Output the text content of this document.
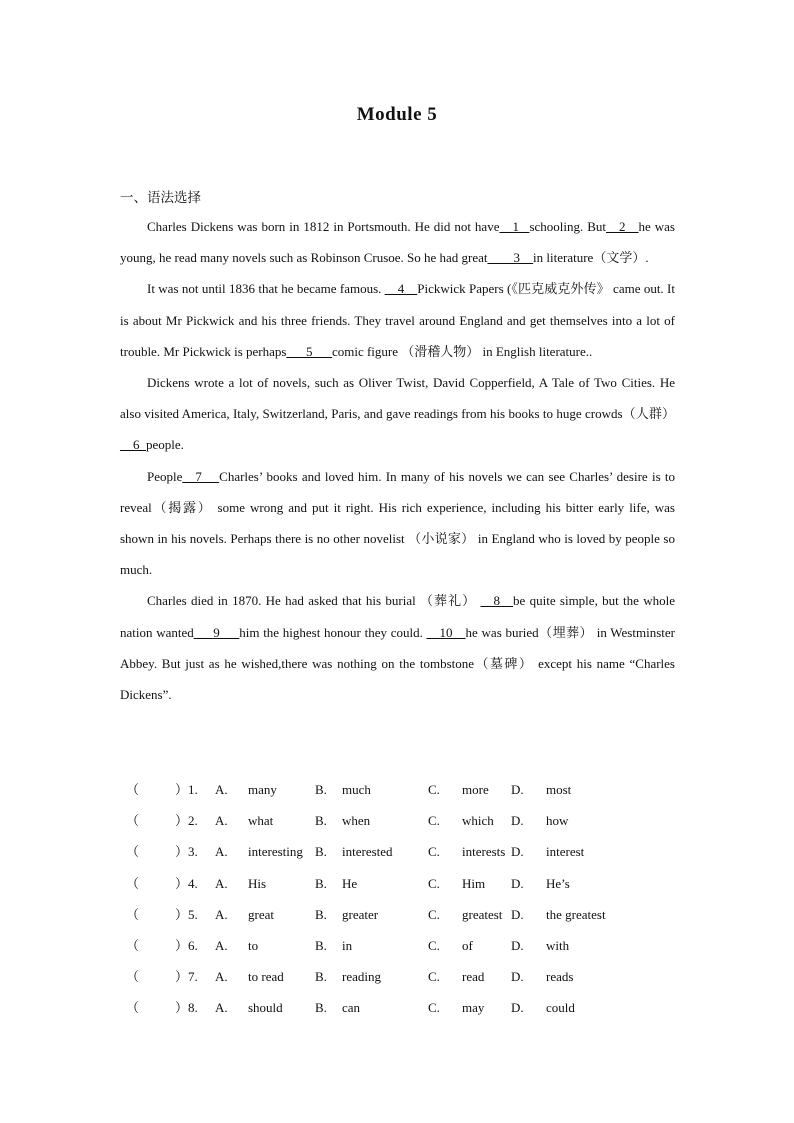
Module 5
一、语法选择

Charles Dickens was born in 1812 in Portsmouth. He did not have__1_ schooling. But__2__he was young, he read many novels such as Robinson Crusoe. So he had great____3__in literature（文学）.

It was not until 1836 that he became famous. __4__Pickwick Papers (《匹克威克外传》 came out. It is about Mr Pickwick and his three friends. They travel around England and get themselves into a lot of trouble. Mr Pickwick is perhaps___5___comic figure （滑稽人物） in English literature..

Dickens wrote a lot of novels, such as Oliver Twist, David Copperfield, A Tale of Two Cities. He also visited America, Italy, Switzerland, Paris, and gave readings from his books to huge crowds（人群）__6_people.

People__7__ Charles’ books and loved him. In many of his novels we can see Charles’ desire is to reveal（揭露） some wrong and put it right. His rich experience, including his bitter early life, was shown in his novels. Perhaps there is no other novelist （小说家） in England who is loved by people so much.

Charles died in 1870. He had asked that his burial （葬礼） __8__be quite simple, but the whole nation wanted___9___him the highest honour they could. __10__he was buried（埋葬） in Westminster Abbey. But just as he wished,there was nothing on the tombstone（墓碑） except his name “Charles Dickens”.

（	） 1. A. many	B. much	C. more D. most
（	） 2. A. what	B. when	C. which D. how
（	） 3. A. interesting B. interested	C. interests D. interest
（	） 4. A. His	B. He	C. Him D. He’s
（	） 5. A. great	B. greater	C. greatest D. the greatest
（	） 6. A. to	B. in	C. of	D. with
（	） 7. A. to read B. reading	C. read D. reads
（	） 8. A. should B. can	C. may D. could
